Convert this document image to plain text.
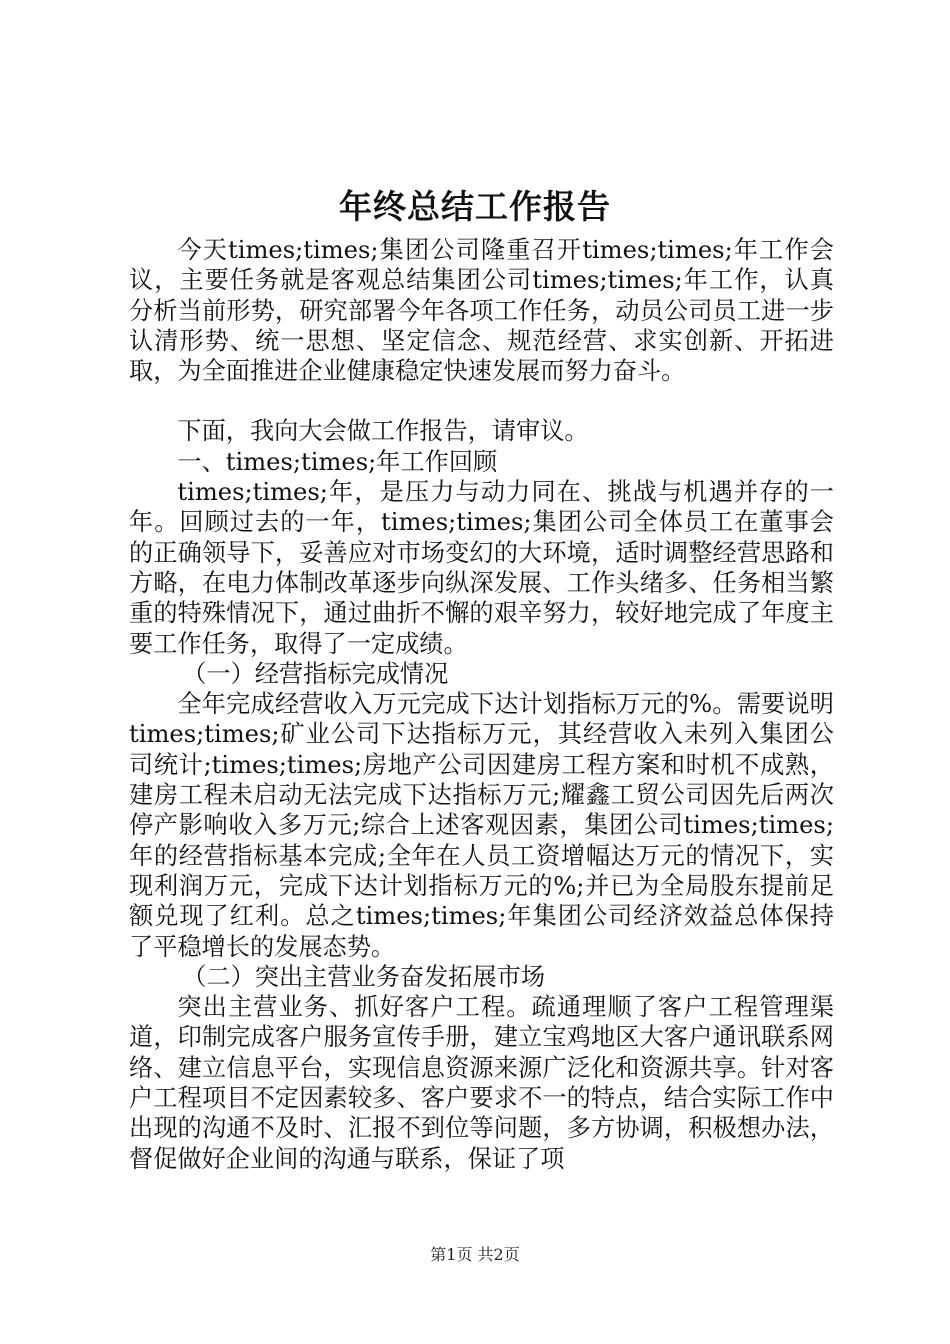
年终总结工作报告

今天times;times;集团公司隆重召开times;times;年工作会议，主要任务就是客观总结集团公司times;times;年工作，认真分析当前形势，研究部署今年各项工作任务，动员公司员工进一步认清形势、统一思想、坚定信念、规范经营、求实创新、开拓进取，为全面推进企业健康稳定快速发展而努力奋斗。

下面，我向大会做工作报告，请审议。

一、times;times;年工作回顾

times;times;年，是压力与动力同在、挑战与机遇并存的一年。回顾过去的一年，times;times;集团公司全体员工在董事会的正确领导下，妥善应对市场变幻的大环境，适时调整经营思路和方略，在电力体制改革逐步向纵深发展、工作头绪多、任务相当繁重的特殊情况下，通过曲折不懈的艰辛努力，较好地完成了年度主要工作任务，取得了一定成绩。

（一）经营指标完成情况

全年完成经营收入万元完成下达计划指标万元的%。需要说明times;times;矿业公司下达指标万元，其经营收入未列入集团公司统计;times;times;房地产公司因建房工程方案和时机不成熟，建房工程未启动无法完成下达指标万元;耀鑫工贸公司因先后两次停产影响收入多万元;综合上述客观因素，集团公司times;times;年的经营指标基本完成;全年在人员工资增幅达万元的情况下，实现利润万元，完成下达计划指标万元的%;并已为全局股东提前足额兑现了红利。总之times;times;年集团公司经济效益总体保持了平稳增长的发展态势。

（二）突出主营业务奋发拓展市场

突出主营业务、抓好客户工程。疏通理顺了客户工程管理渠道，印制完成客户服务宣传手册，建立宝鸡地区大客户通讯联系网络、建立信息平台，实现信息资源来源广泛化和资源共享。针对客户工程项目不定因素较多、客户要求不一的特点，结合实际工作中出现的沟通不及时、汇报不到位等问题，多方协调，积极想办法，督促做好企业间的沟通与联系，保证了项

第1页 共2页
